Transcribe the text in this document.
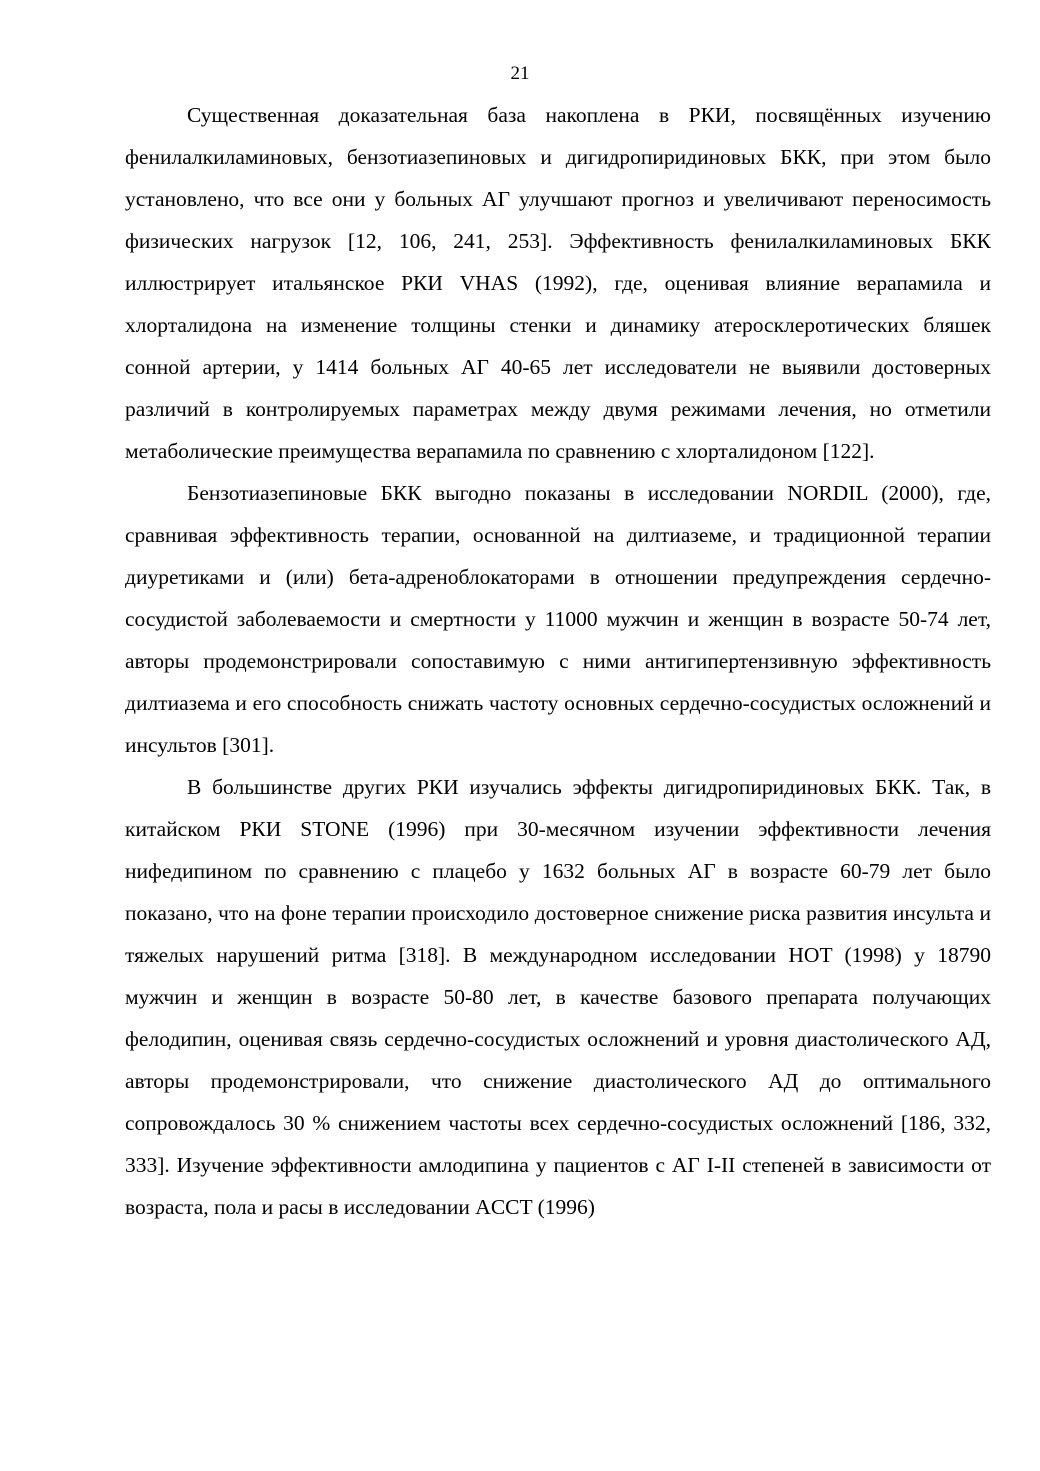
21

Существенная доказательная база накоплена в РКИ, посвящённых изучению фенилалкиламиновых, бензотиазепиновых и дигидропиридиновых БКК, при этом было установлено, что все они у больных АГ улучшают прогноз и увеличивают переносимость физических нагрузок [12, 106, 241, 253]. Эффективность фенилалкиламиновых БКК иллюстрирует итальянское РКИ VHAS (1992), где, оценивая влияние верапамила и хлорталидона на изменение толщины стенки и динамику атеросклеротических бляшек сонной артерии, у 1414 больных АГ 40-65 лет исследователи не выявили достоверных различий в контролируемых параметрах между двумя режимами лечения, но отметили метаболические преимущества верапамила по сравнению с хлорталидоном [122].

Бензотиазепиновые БКК выгодно показаны в исследовании NORDIL (2000), где, сравнивая эффективность терапии, основанной на дилтиаземе, и традиционной терапии диуретиками и (или) бета-адреноблокаторами в отношении предупреждения сердечно-сосудистой заболеваемости и смертности у 11000 мужчин и женщин в возрасте 50-74 лет, авторы продемонстрировали сопоставимую с ними антигипертензивную эффективность дилтиазема и его способность снижать частоту основных сердечно-сосудистых осложнений и инсультов [301].

В большинстве других РКИ изучались эффекты дигидропиридиновых БКК. Так, в китайском РКИ STONE (1996) при 30-месячном изучении эффективности лечения нифедипином по сравнению с плацебо у 1632 больных АГ в возрасте 60-79 лет было показано, что на фоне терапии происходило достоверное снижение риска развития инсульта и тяжелых нарушений ритма [318]. В международном исследовании HOT (1998) у 18790 мужчин и женщин в возрасте 50-80 лет, в качестве базового препарата получающих фелодипин, оценивая связь сердечно-сосудистых осложнений и уровня диастолического АД, авторы продемонстрировали, что снижение диастолического АД до оптимального сопровождалось 30 % снижением частоты всех сердечно-сосудистых осложнений [186, 332, 333]. Изучение эффективности амлодипина у пациентов с АГ I-II степеней в зависимости от возраста, пола и расы в исследовании ACCT (1996)
